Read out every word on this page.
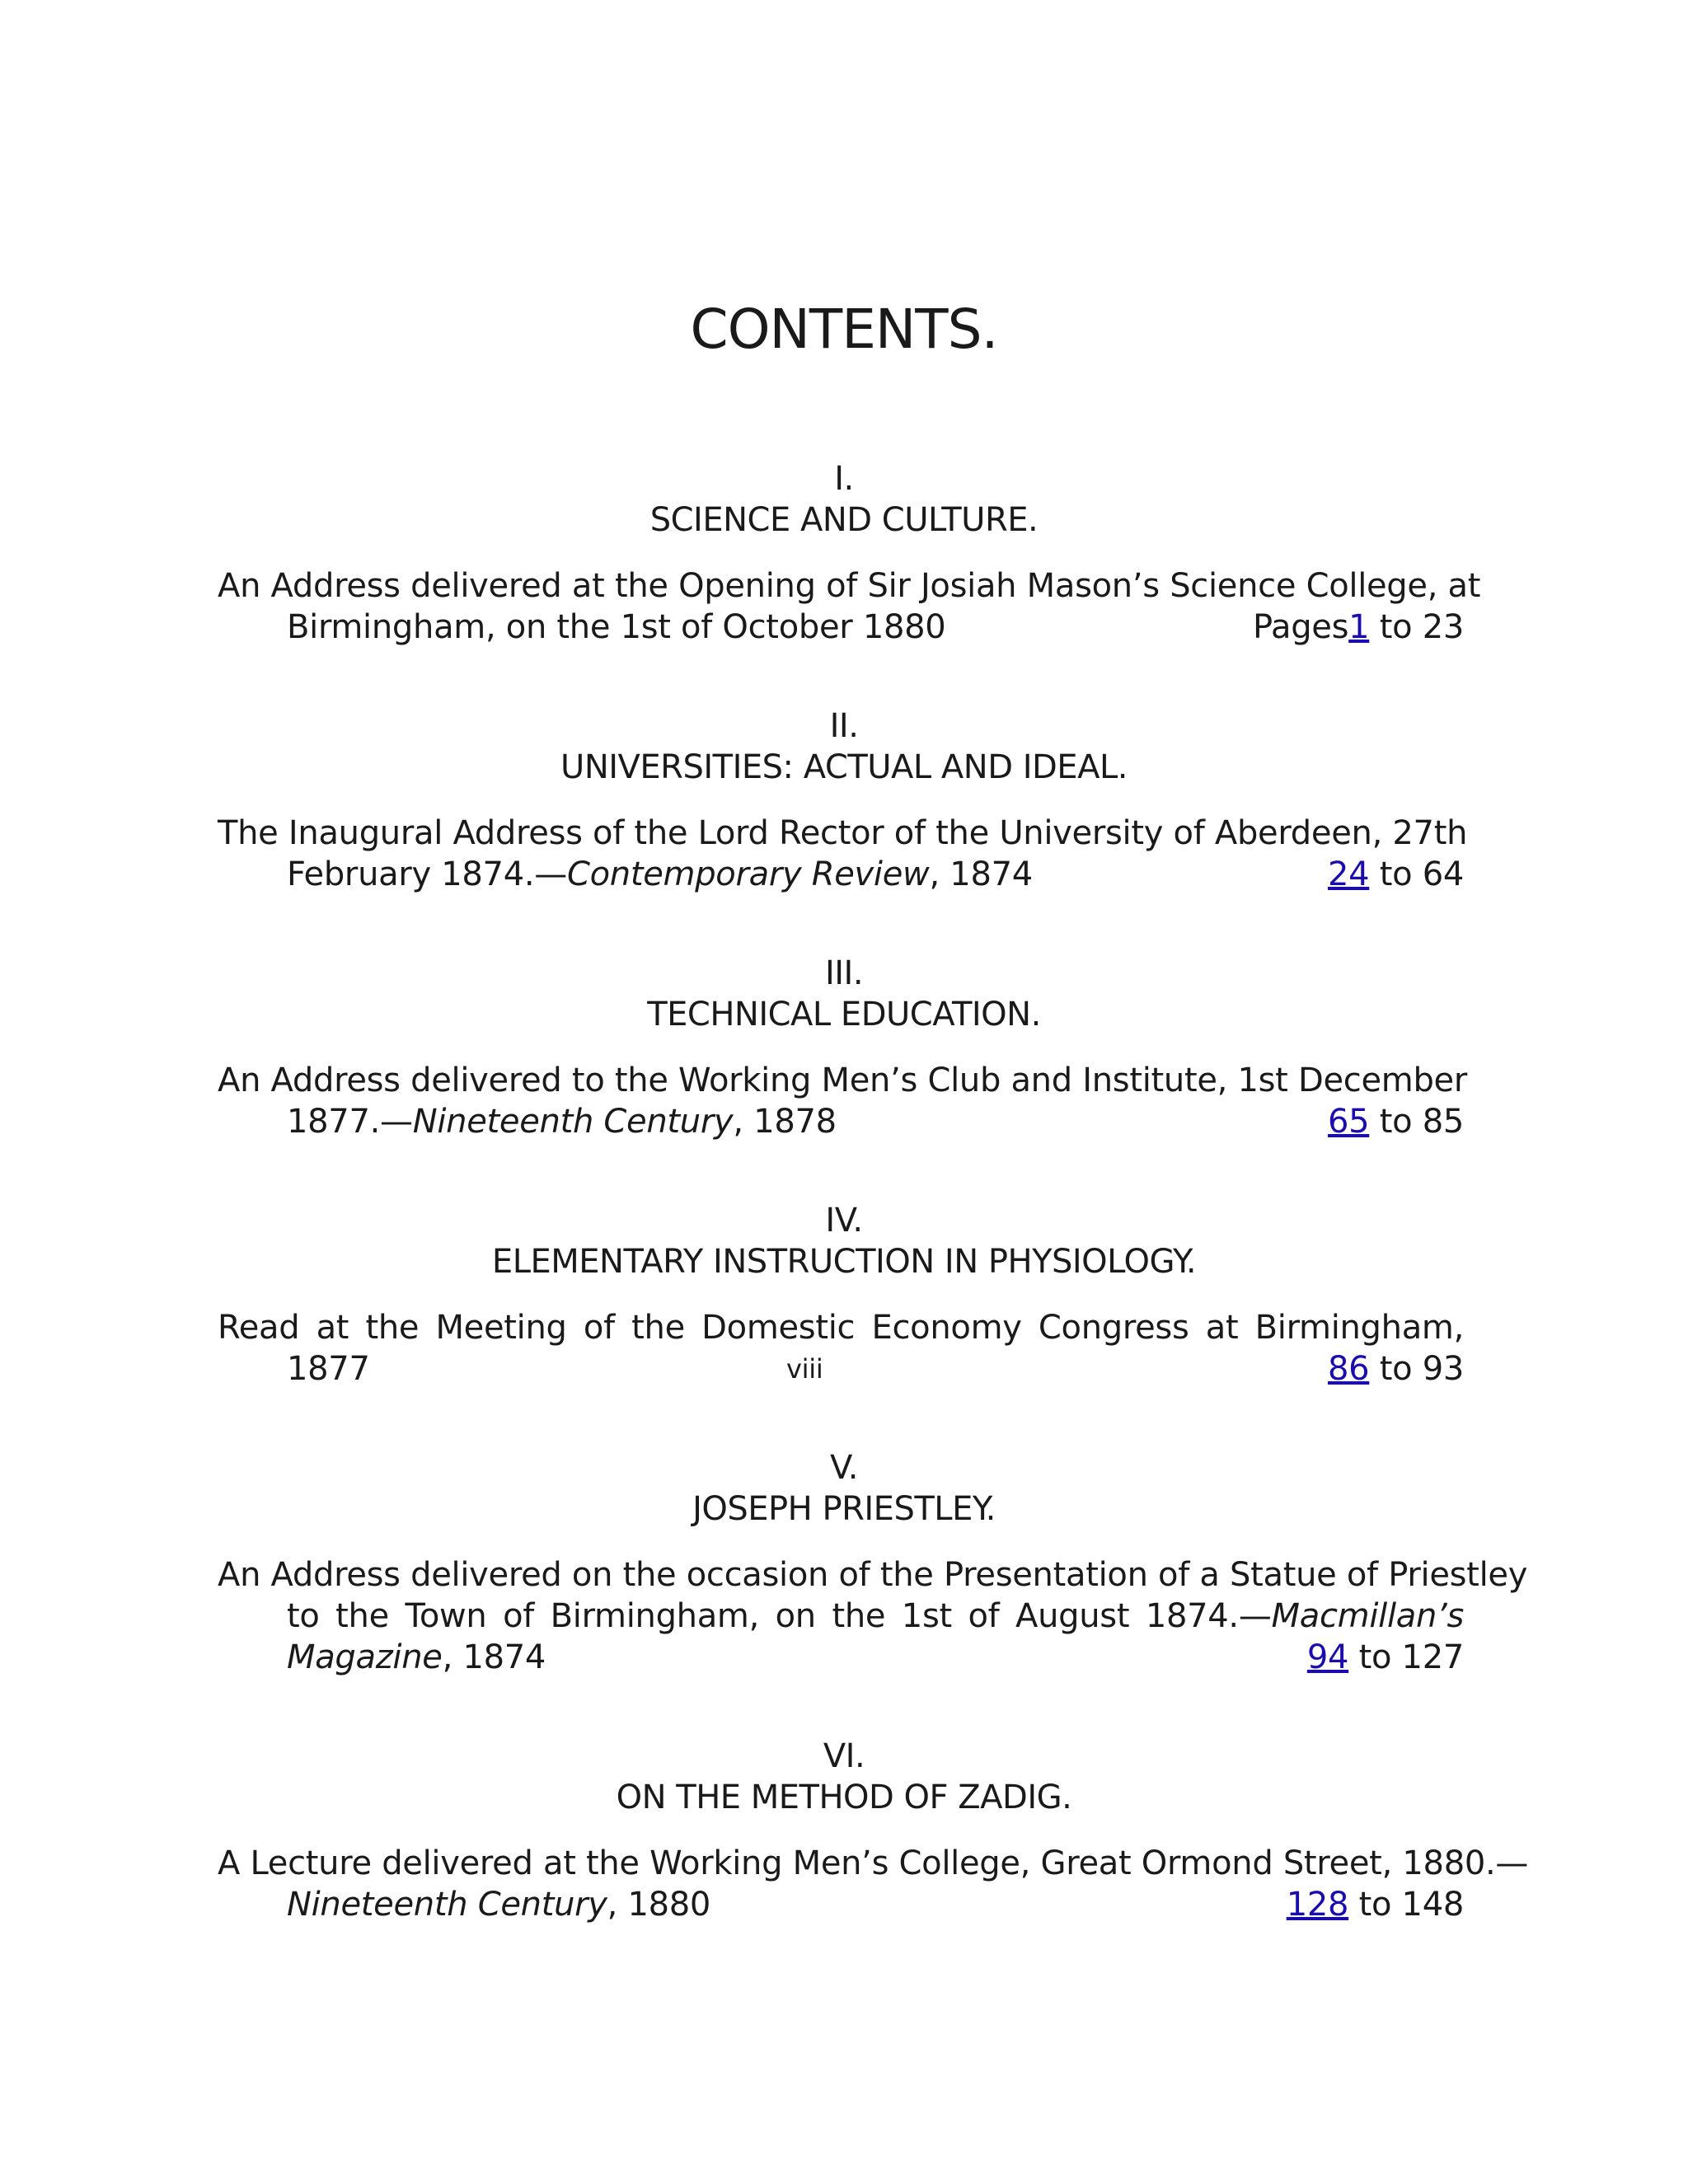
CONTENTS.
I.
SCIENCE AND CULTURE.
An Address delivered at the Opening of Sir Josiah Mason’s Science College, at
Birmingham, on the 1st of October 1880	Pages1 to 23
II.
UNIVERSITIES: ACTUAL AND IDEAL.
The Inaugural Address of the Lord Rector of the University of Aberdeen, 27th
February 1874.—Contemporary Review, 1874	24 to 64
III.
TECHNICAL EDUCATION.
An Address delivered to the Working Men’s Club and Institute, 1st December
1877.—Nineteenth Century, 1878	65 to 85
IV.
ELEMENTARY INSTRUCTION IN PHYSIOLOGY.
Read at the Meeting of the Domestic Economy Congress at Birmingham,
1877	viii	86 to 93
V.
JOSEPH PRIESTLEY.
An Address delivered on the occasion of the Presentation of a Statue of Priestley
to the Town of Birmingham, on the 1st of August 1874.—Macmillan’s
Magazine, 1874	94 to 127
VI.
ON THE METHOD OF ZADIG.
A Lecture delivered at the Working Men’s College, Great Ormond Street, 1880.—
Nineteenth Century, 1880	128 to 148
